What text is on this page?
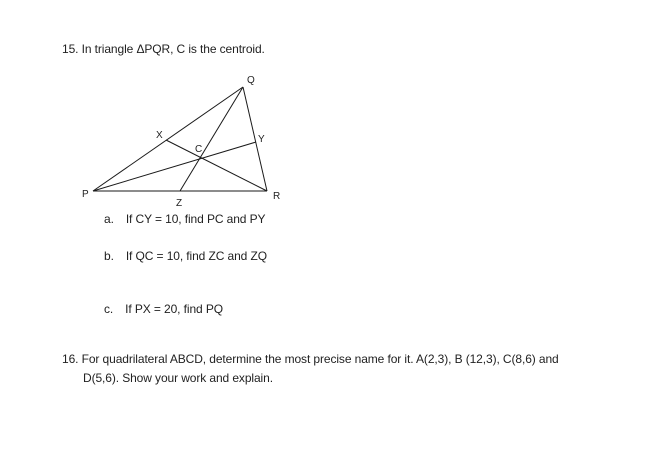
15. In triangle ΔPQR, C is the centroid.
P
Q
R
X	Y
Z
C
a. If CY = 10, find PC and PY
b. If QC = 10, find ZC and ZQ
c. If PX = 20, find PQ
16. For quadrilateral ABCD, determine the most precise name for it. A(2,3), B (12,3), C(8,6) and
D(5,6). Show your work and explain.
